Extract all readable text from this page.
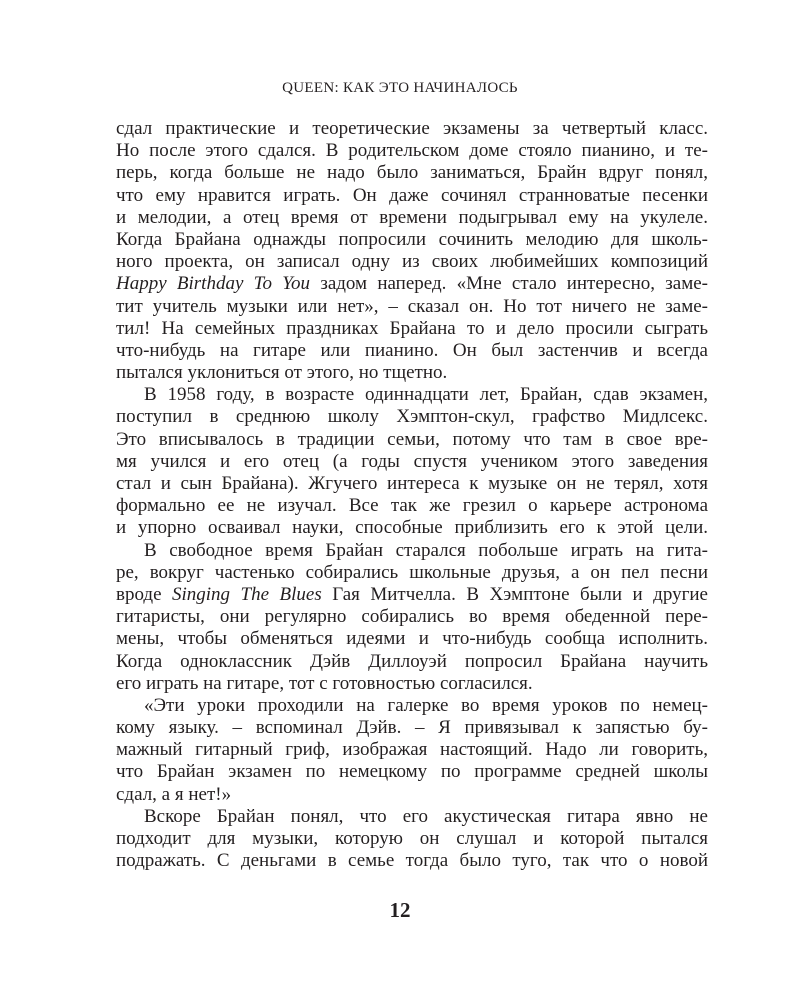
QUEEN: КАК ЭТО НАЧИНАЛОСЬ
сдал практические и теоретические экзамены за четвертый класс.
Но после этого сдался. В родительском доме стояло пианино, и те-
перь, когда больше не надо было заниматься, Брайн вдруг понял,
что ему нравится играть. Он даже сочинял странноватые песенки
и мелодии, а отец время от времени подыгрывал ему на укулеле.
Когда Брайана однажды попросили сочинить мелодию для школь-
ного проекта, он записал одну из своих любимейших композиций
Happy Birthday To You задом наперед. «Мне стало интересно, заме-
тит учитель музыки или нет», – сказал он. Но тот ничего не заме-
тил! На семейных праздниках Брайана то и дело просили сыграть
что-нибудь на гитаре или пианино. Он был застенчив и всегда
пытался уклониться от этого, но тщетно.
В 1958 году, в возрасте одиннадцати лет, Брайан, сдав экзамен,
поступил в среднюю школу Хэмптон-скул, графство Мидлсекс.
Это вписывалось в традиции семьи, потому что там в свое вре-
мя учился и его отец (а годы спустя учеником этого заведения
стал и сын Брайана). Жгучего интереса к музыке он не терял, хотя
формально ее не изучал. Все так же грезил о карьере астронома
и упорно осваивал науки, способные приблизить его к этой цели.
В свободное время Брайан старался побольше играть на гита-
ре, вокруг частенько собирались школьные друзья, а он пел песни
вроде Singing The Blues Гая Митчелла. В Хэмптоне были и другие
гитаристы, они регулярно собирались во время обеденной пере-
мены, чтобы обменяться идеями и что-нибудь сообща исполнить.
Когда одноклассник Дэйв Диллоуэй попросил Брайана научить
его играть на гитаре, тот с готовностью согласился.
«Эти уроки проходили на галерке во время уроков по немец-
кому языку. – вспоминал Дэйв. – Я привязывал к запястью бу-
мажный гитарный гриф, изображая настоящий. Надо ли говорить,
что Брайан экзамен по немецкому по программе средней школы
сдал, а я нет!»
Вскоре Брайан понял, что его акустическая гитара явно не
подходит для музыки, которую он слушал и которой пытался
подражать. С деньгами в семье тогда было туго, так что о новой
12
